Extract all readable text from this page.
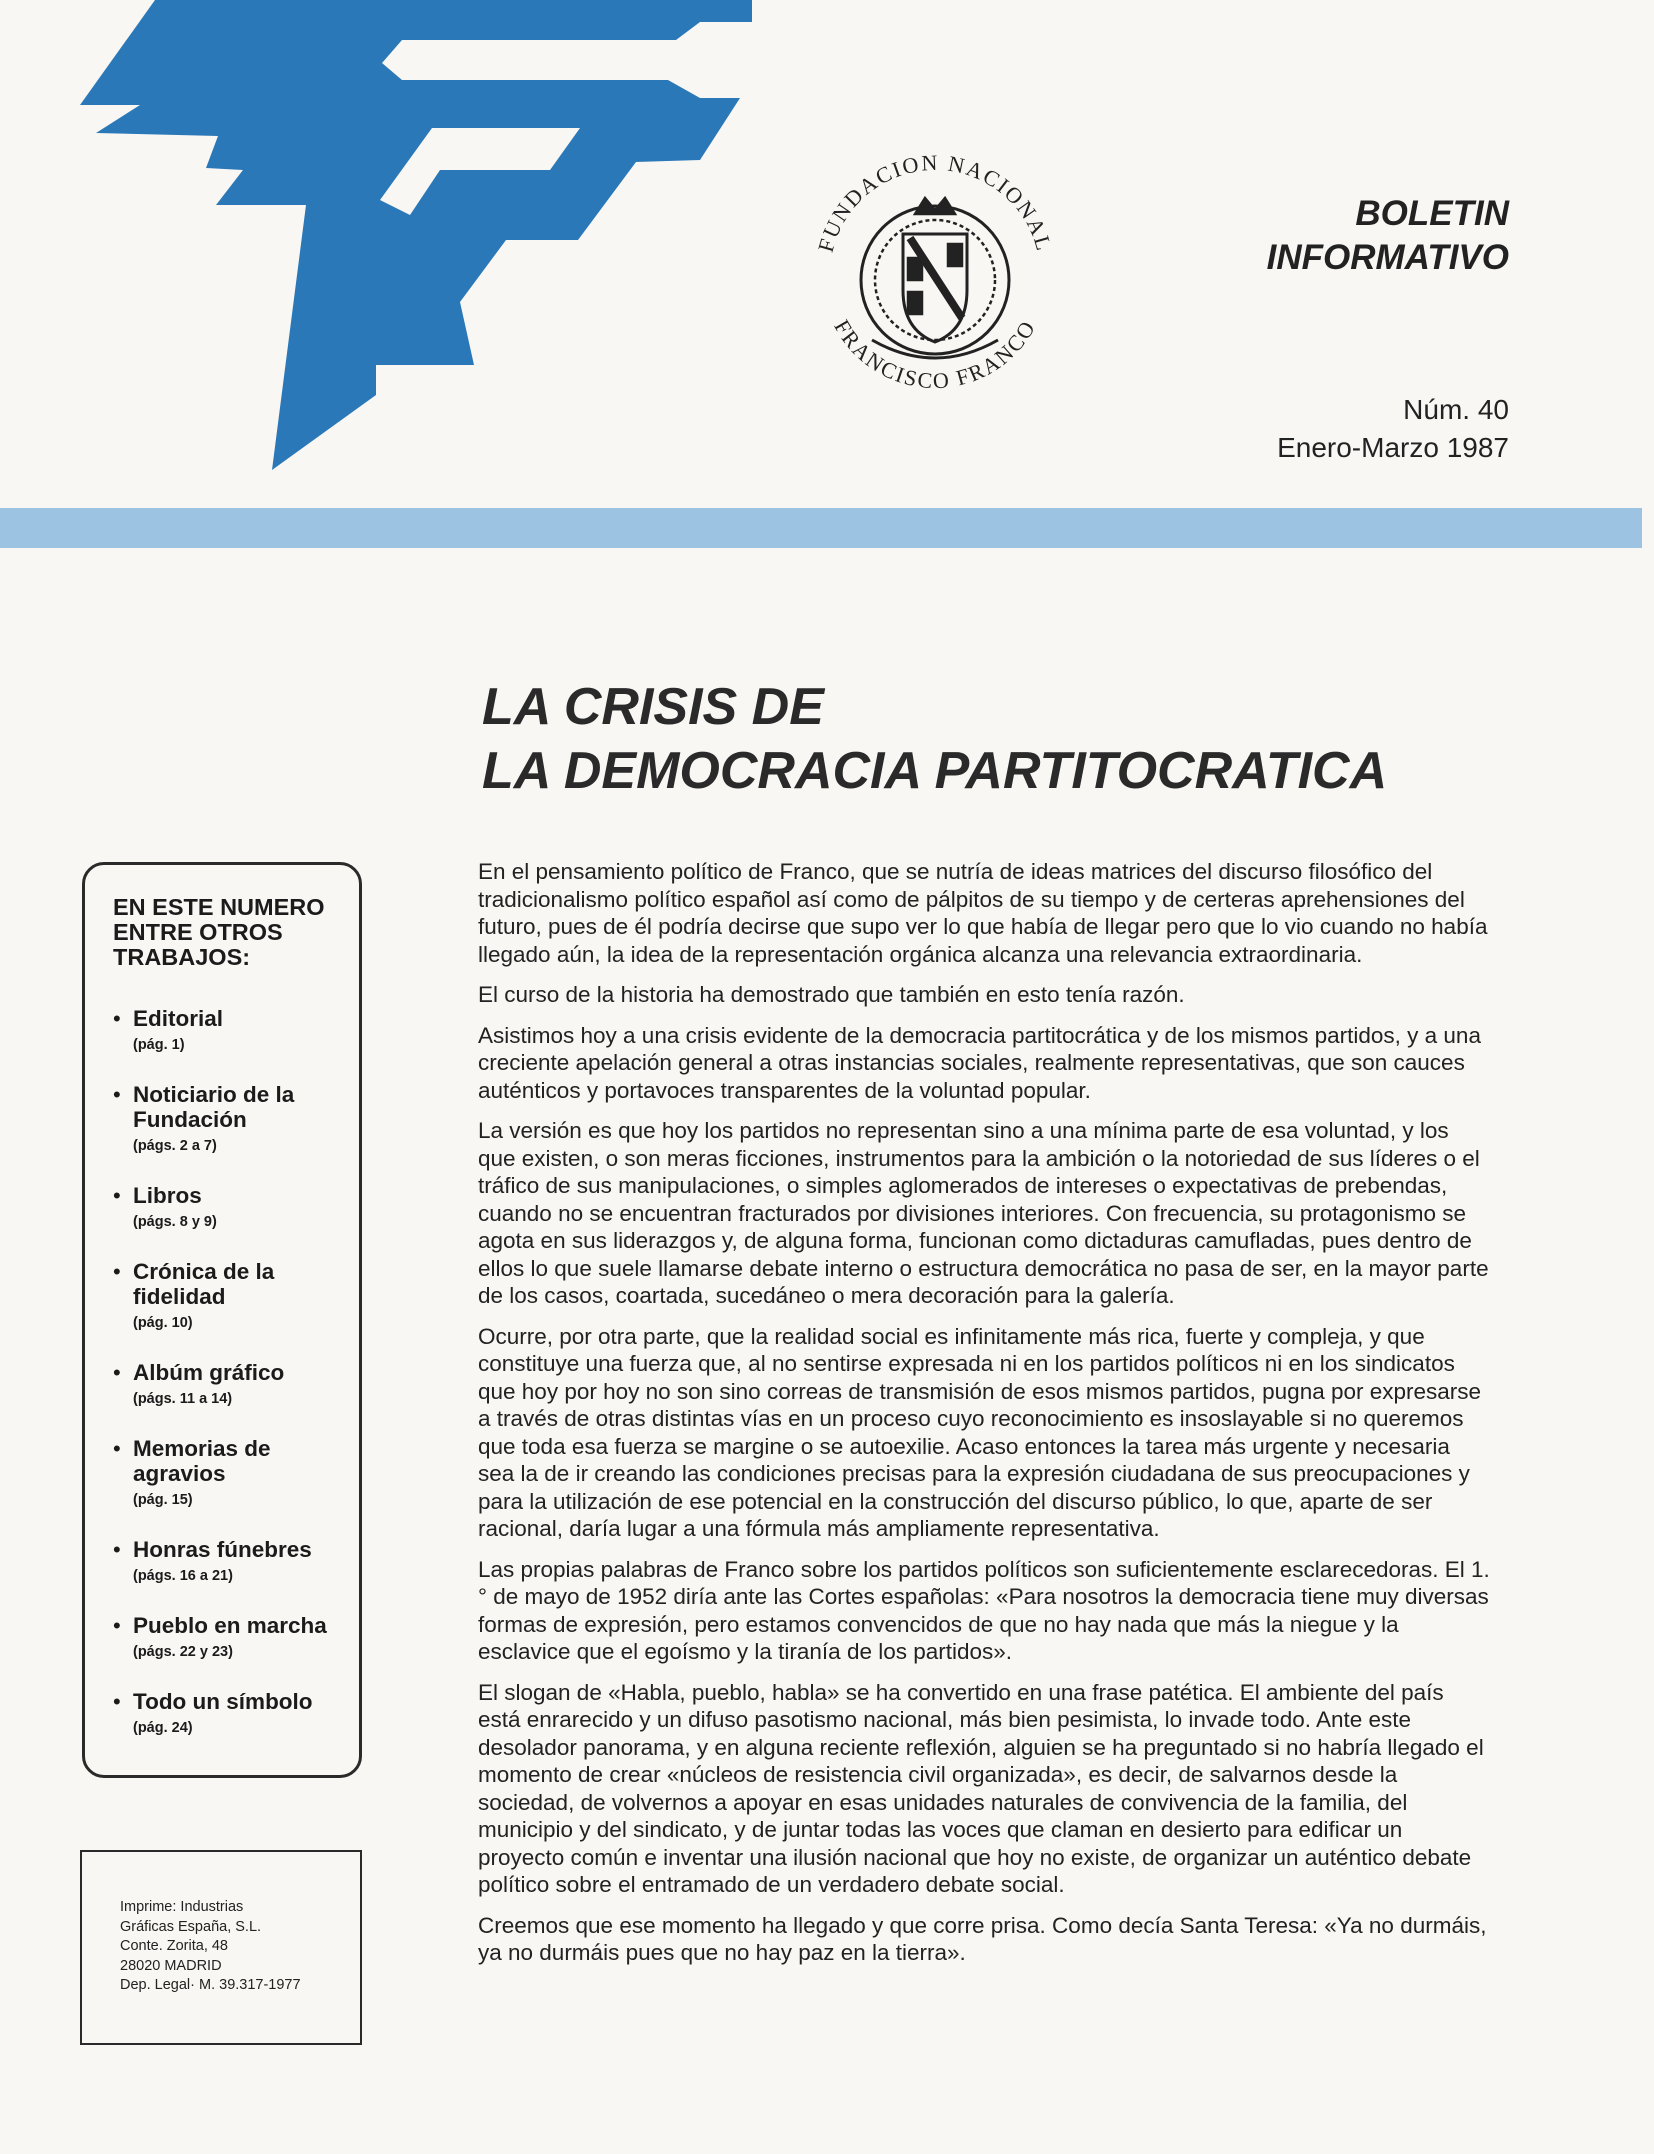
FUNDACION NACIONAL
FRANCISCO FRANCO
BOLETIN
INFORMATIVO
Núm. 40
Enero-Marzo 1987
LA CRISIS DE
LA DEMOCRACIA PARTITOCRATICA
EN ESTE NUMERO
ENTRE OTROS
TRABAJOS:
• Editorial
(pág. 1)
• Noticiario de la
Fundación
(págs. 2 a 7)
• Libros
(págs. 8 y 9)
• Crónica de la
fidelidad
(pág. 10)
• Albúm gráfico
(págs. 11 a 14)
• Memorias de
agravios
(pág. 15)
• Honras fúnebres
(págs. 16 a 21)
• Pueblo en marcha
(págs. 22 y 23)
• Todo un símbolo
(pág. 24)
Imprime: Industrias
Gráficas España, S.L.
Conte. Zorita, 48
28020 MADRID
Dep. Legal· M. 39.317-1977

En el pensamiento político de Franco, que se nutría de ideas matrices del discurso filosófico del tradicionalismo político español así como de pálpitos de su tiempo y de certeras aprehensiones del futuro, pues de él podría decirse que supo ver lo que había de llegar pero que lo vio cuando no había llegado aún, la idea de la representación orgánica alcanza una relevancia extraordinaria.

El curso de la historia ha demostrado que también en esto tenía razón.

Asistimos hoy a una crisis evidente de la democracia partitocrática y de los mismos partidos, y a una creciente apelación general a otras instancias sociales, realmente representativas, que son cauces auténticos y portavoces transparentes de la voluntad popular.

La versión es que hoy los partidos no representan sino a una mínima parte de esa voluntad, y los que existen, o son meras ficciones, instrumentos para la ambición o la notoriedad de sus líderes o el tráfico de sus manipulaciones, o simples aglomerados de intereses o expectativas de prebendas, cuando no se encuentran fracturados por divisiones interiores. Con frecuencia, su protagonismo se agota en sus liderazgos y, de alguna forma, funcionan como dictaduras camufladas, pues dentro de ellos lo que suele llamarse debate interno o estructura democrática no pasa de ser, en la mayor parte de los casos, coartada, sucedáneo o mera decoración para la galería.

Ocurre, por otra parte, que la realidad social es infinitamente más rica, fuerte y compleja, y que constituye una fuerza que, al no sentirse expresada ni en los partidos políticos ni en los sindicatos que hoy por hoy no son sino correas de transmisión de esos mismos partidos, pugna por expresarse a través de otras distintas vías en un proceso cuyo reconocimiento es insoslayable si no queremos que toda esa fuerza se margine o se autoexilie. Acaso entonces la tarea más urgente y necesaria sea la de ir creando las condiciones precisas para la expresión ciudadana de sus preocupaciones y para la utilización de ese potencial en la construcción del discurso público, lo que, aparte de ser racional, daría lugar a una fórmula más ampliamente representativa.

Las propias palabras de Franco sobre los partidos políticos son suficientemente esclarecedoras. El 1.° de mayo de 1952 diría ante las Cortes españolas: «Para nosotros la democracia tiene muy diversas formas de expresión, pero estamos convencidos de que no hay nada que más la niegue y la esclavice que el egoísmo y la tiranía de los partidos».

El slogan de «Habla, pueblo, habla» se ha convertido en una frase patética. El ambiente del país está enrarecido y un difuso pasotismo nacional, más bien pesimista, lo invade todo. Ante este desolador panorama, y en alguna reciente reflexión, alguien se ha preguntado si no habría llegado el momento de crear «núcleos de resistencia civil organizada», es decir, de salvarnos desde la sociedad, de volvernos a apoyar en esas unidades naturales de convivencia de la familia, del municipio y del sindicato, y de juntar todas las voces que claman en desierto para edificar un proyecto común e inventar una ilusión nacional que hoy no existe, de organizar un auténtico debate político sobre el entramado de un verdadero debate social.

Creemos que ese momento ha llegado y que corre prisa. Como decía Santa Teresa: «Ya no durmáis, ya no durmáis pues que no hay paz en la tierra».
